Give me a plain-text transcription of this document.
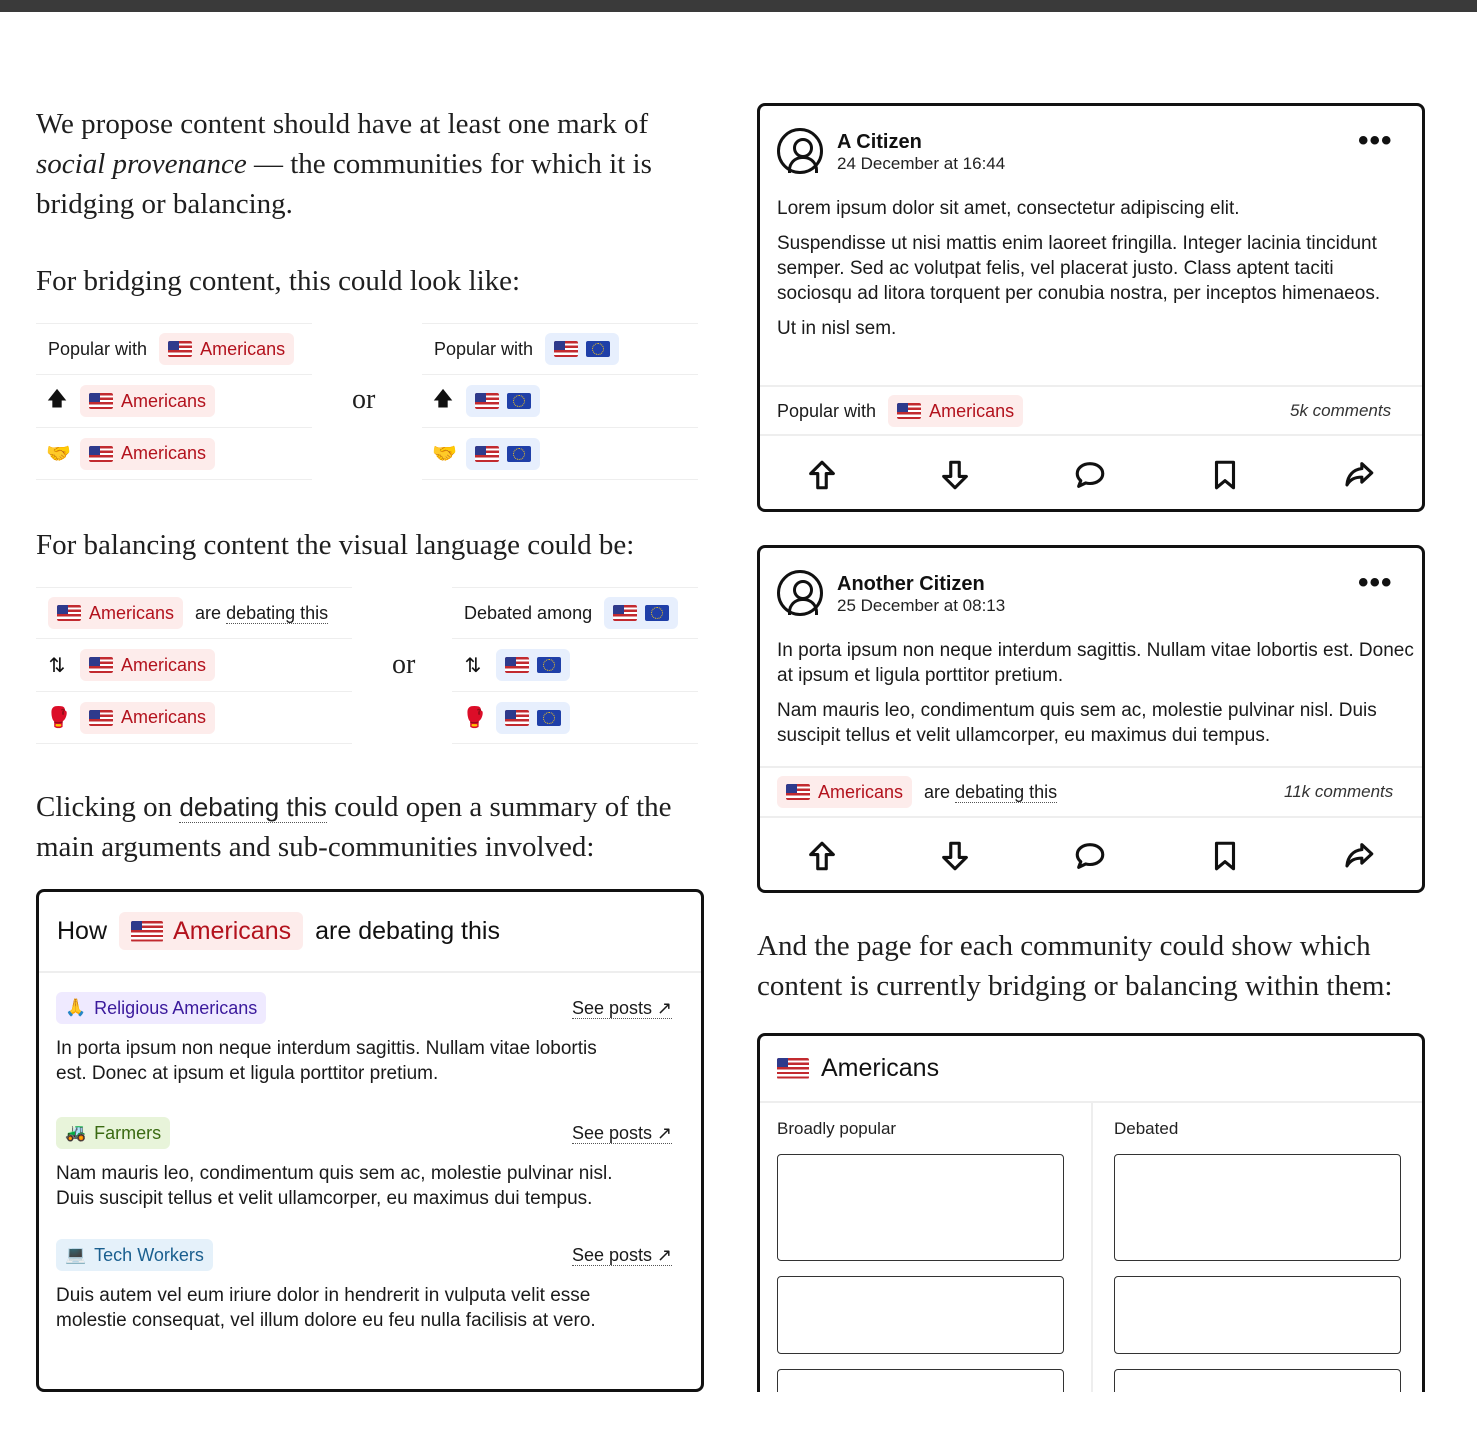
We propose content should have at least one mark of
social provenance — the communities for which it is
bridging or balancing.
For bridging content, this could look like:
Popular with	Americans
🡅	Americans
🤝	Americans
or
Popular with
🡅
🤝
For balancing content the visual language could be:
Americans are debating this
⇅	Americans
🥊	Americans
or
Debated among
⇅
🥊
Clicking on debating this could open a summary of the
main arguments and sub-communities involved:
How	Americans are debating this
🙏 Religious Americans	See posts ↗
In porta ipsum non neque interdum sagittis. Nullam vitae lobortis
est. Donec at ipsum et ligula porttitor pretium.
🚜 Farmers	See posts ↗
Nam mauris leo, condimentum quis sem ac, molestie pulvinar nisl.
Duis suscipit tellus et velit ullamcorper, eu maximus dui tempus.
💻 Tech Workers	See posts ↗
Duis autem vel eum iriure dolor in hendrerit in vulputa velit esse
molestie consequat, vel illum dolore eu feu nulla facilisis at vero.
A Citizen
24 December at 16:44
•••

Lorem ipsum dolor sit amet, consectetur adipiscing elit.

Suspendisse ut nisi mattis enim laoreet fringilla. Integer lacinia tincidunt semper. Sed ac volutpat felis, vel placerat justo. Class aptent taciti sociosqu ad litora torquent per conubia nostra, per inceptos himenaeos.

Ut in nisl sem.

Popular with	Americans	5k comments
Another Citizen
25 December at 08:13
•••

In porta ipsum non neque interdum sagittis. Nullam vitae lobortis est. Donec at ipsum et ligula porttitor pretium.

Nam mauris leo, condimentum quis sem ac, molestie pulvinar nisl. Duis suscipit tellus et velit ullamcorper, eu maximus dui tempus.

Americans are debating this	11k comments
And the page for each community could show which
content is currently bridging or balancing within them:
Americans
Broadly popular	Debated
